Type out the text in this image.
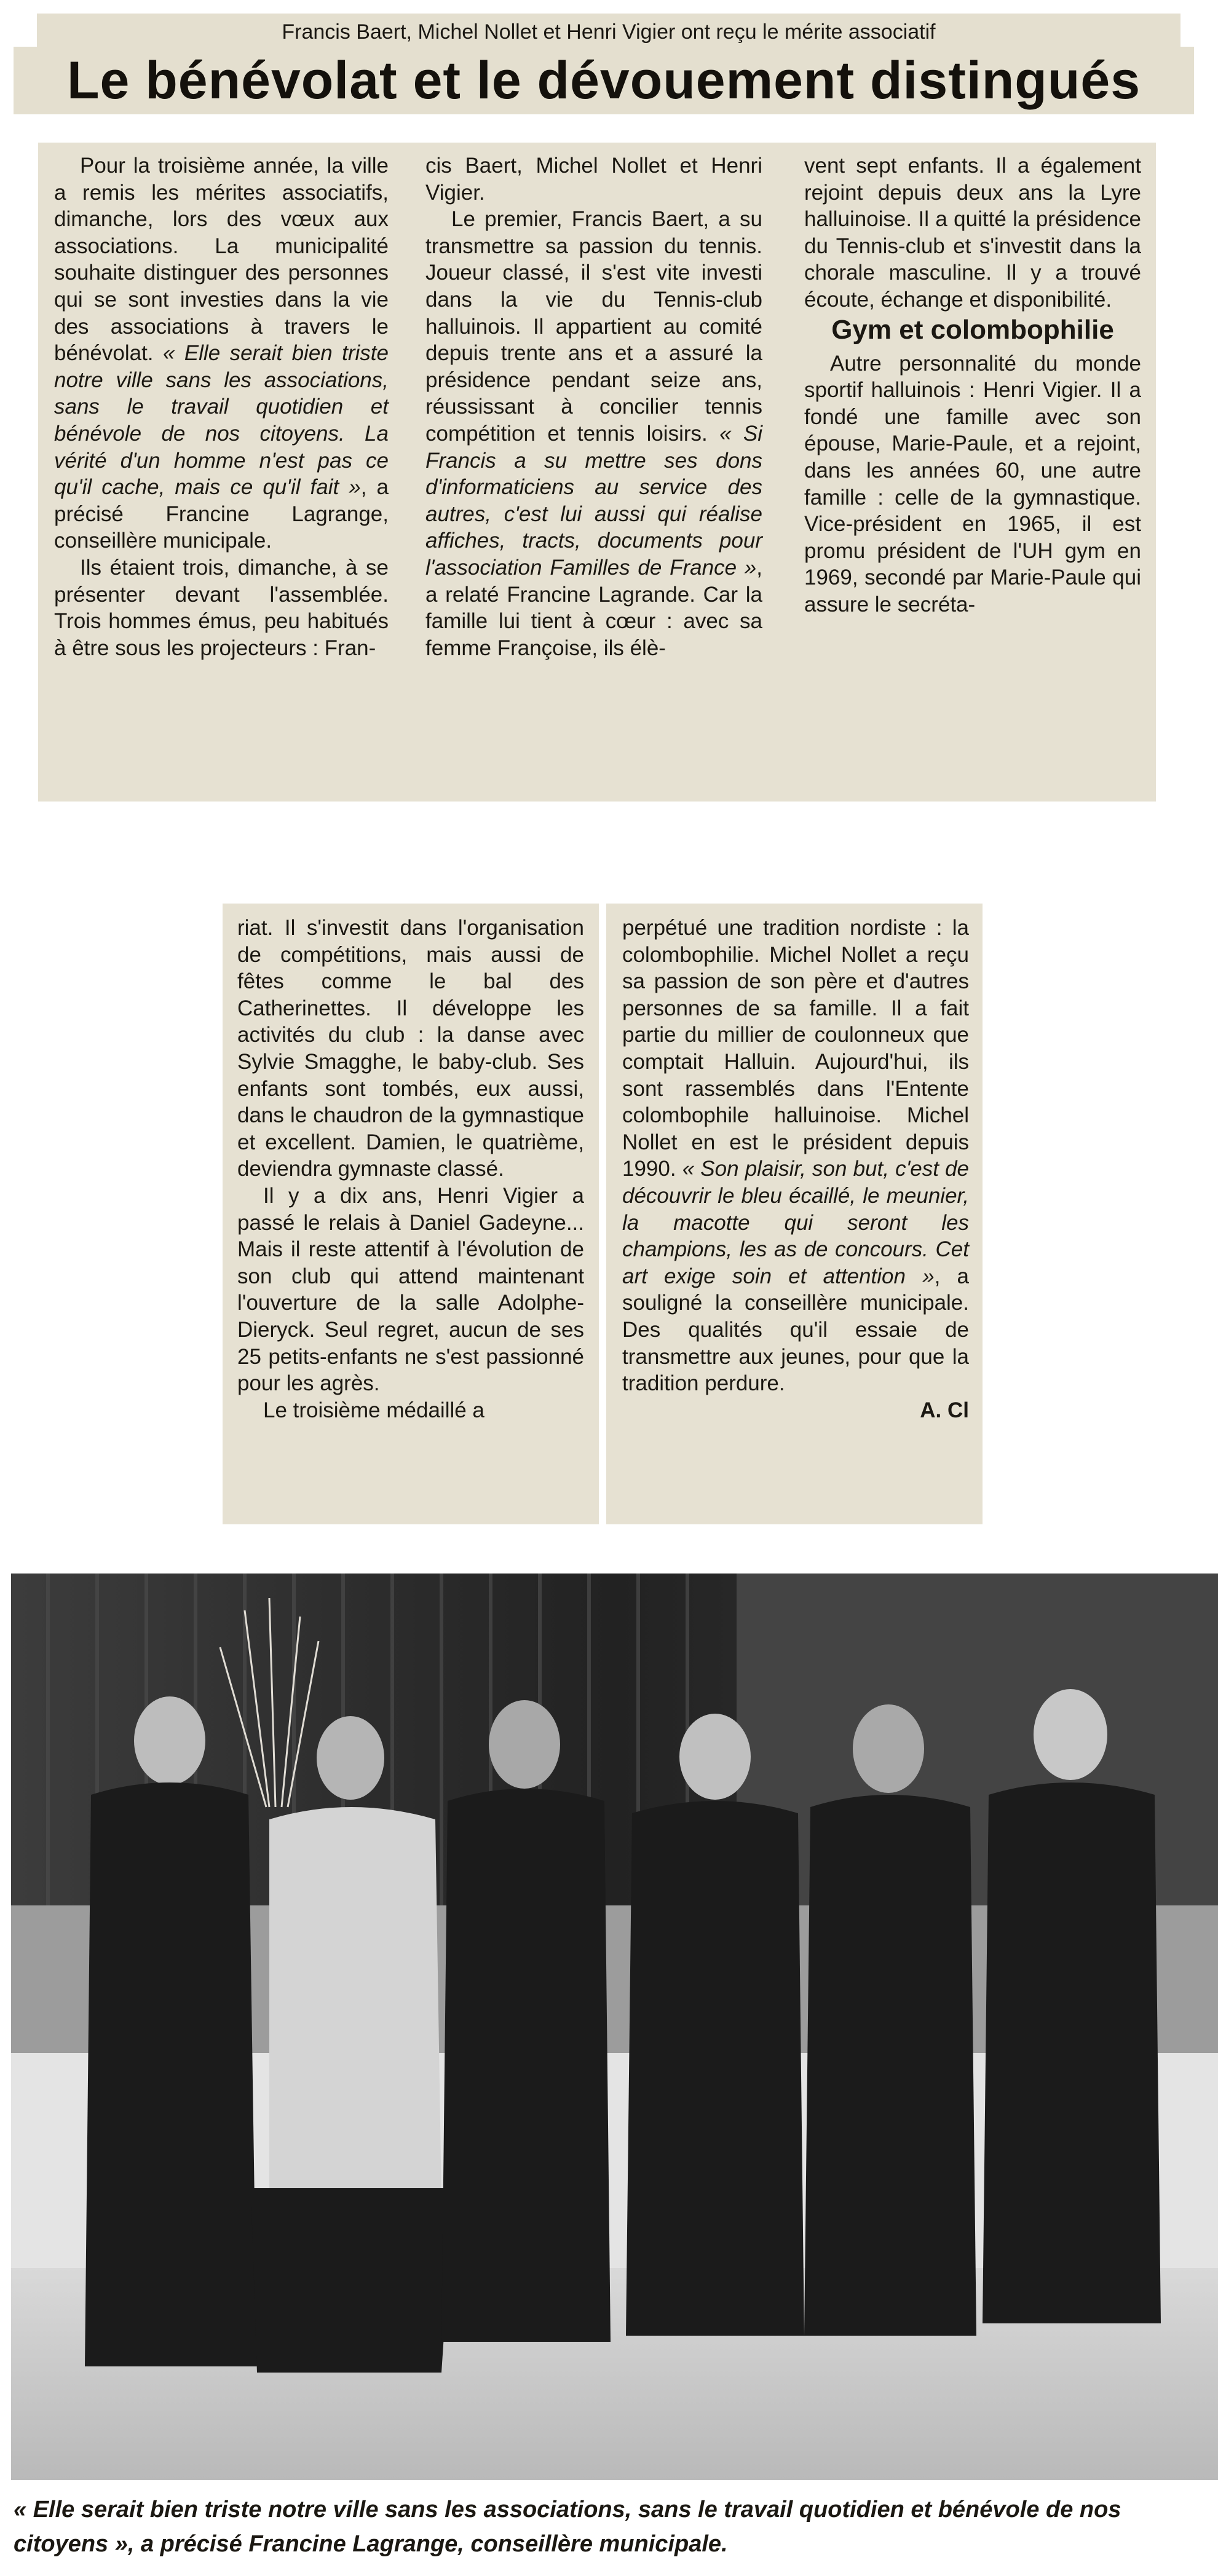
Francis Baert, Michel Nollet et Henri Vigier ont reçu le mérite associatif
Le bénévolat et le dévouement distingués

Pour la troisième année, la ville a remis les mérites associatifs, dimanche, lors des vœux aux associations. La municipalité souhaite distinguer des personnes qui se sont investies dans la vie des associations à travers le bénévolat. « Elle serait bien triste notre ville sans les associations, sans le travail quotidien et bénévole de nos citoyens. La vérité d'un homme n'est pas ce qu'il cache, mais ce qu'il fait », a précisé Francine Lagrange, conseillère municipale.

Ils étaient trois, dimanche, à se présenter devant l'assemblée. Trois hommes émus, peu habitués à être sous les projecteurs : Fran-

cis Baert, Michel Nollet et Henri Vigier.

Le premier, Francis Baert, a su transmettre sa passion du tennis. Joueur classé, il s'est vite investi dans la vie du Tennis-club halluinois. Il appartient au comité depuis trente ans et a assuré la présidence pendant seize ans, réussissant à concilier tennis compétition et tennis loisirs. « Si Francis a su mettre ses dons d'informaticiens au service des autres, c'est lui aussi qui réalise affiches, tracts, documents pour l'association Familles de France », a relaté Francine Lagrande. Car la famille lui tient à cœur : avec sa femme Françoise, ils élè-

vent sept enfants. Il a également rejoint depuis deux ans la Lyre halluinoise. Il a quitté la présidence du Tennis-club et s'investit dans la chorale masculine. Il y a trouvé écoute, échange et disponibilité.

Gym et colombophilie

Autre personnalité du monde sportif halluinois : Henri Vigier. Il a fondé une famille avec son épouse, Marie-Paule, et a rejoint, dans les années 60, une autre famille : celle de la gymnastique. Vice-président en 1965, il est promu président de l'UH gym en 1969, secondé par Marie-Paule qui assure le secréta-

riat. Il s'investit dans l'organisation de compétitions, mais aussi de fêtes comme le bal des Catherinettes. Il développe les activités du club : la danse avec Sylvie Smagghe, le baby-club. Ses enfants sont tombés, eux aussi, dans le chaudron de la gymnastique et excellent. Damien, le quatrième, deviendra gymnaste classé.

Il y a dix ans, Henri Vigier a passé le relais à Daniel Gadeyne... Mais il reste attentif à l'évolution de son club qui attend maintenant l'ouverture de la salle Adolphe-Dieryck. Seul regret, aucun de ses 25 petits-enfants ne s'est passionné pour les agrès.

Le troisième médaillé a

perpétué une tradition nordiste : la colombophilie. Michel Nollet a reçu sa passion de son père et d'autres personnes de sa famille. Il a fait partie du millier de coulonneux que comptait Halluin. Aujourd'hui, ils sont rassemblés dans l'Entente colombophile halluinoise. Michel Nollet en est le président depuis 1990. « Son plaisir, son but, c'est de découvrir le bleu écaillé, le meunier, la macotte qui seront les champions, les as de concours. Cet art exige soin et attention », a souligné la conseillère municipale. Des qualités qu'il essaie de transmettre aux jeunes, pour que la tradition perdure.

A. Cl

« Elle serait bien triste notre ville sans les associations, sans le travail quotidien et bénévole de nos citoyens », a précisé Francine Lagrange, conseillère municipale.
